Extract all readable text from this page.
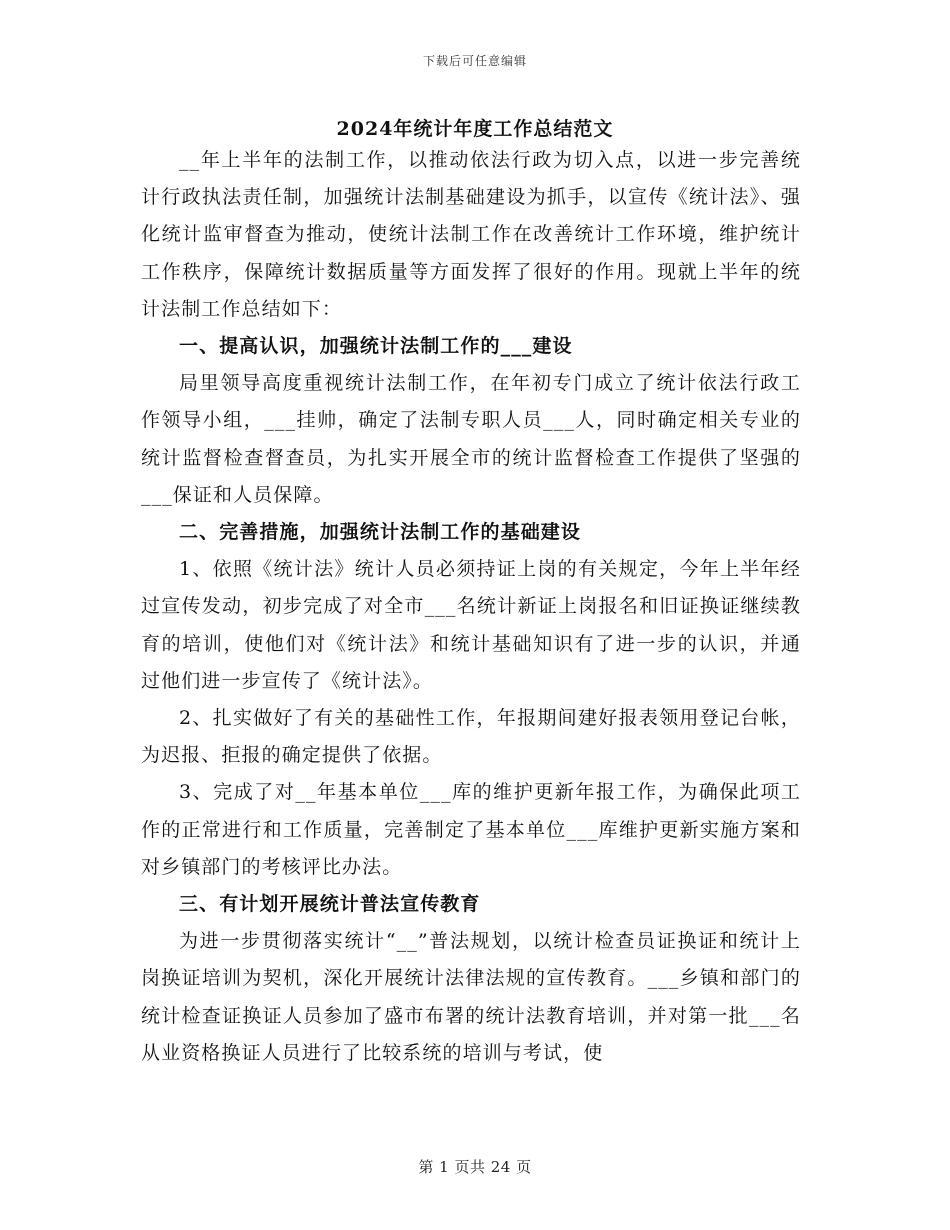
下载后可任意编辑
2024年统计年度工作总结范文

__年上半年的法制工作，以推动依法行政为切入点，以进一步完善统计行政执法责任制，加强统计法制基础建设为抓手，以宣传《统计法》、强化统计监审督查为推动，使统计法制工作在改善统计工作环境，维护统计工作秩序，保障统计数据质量等方面发挥了很好的作用。现就上半年的统计法制工作总结如下：

一、提高认识，加强统计法制工作的___建设

局里领导高度重视统计法制工作，在年初专门成立了统计依法行政工作领导小组，___挂帅，确定了法制专职人员___人，同时确定相关专业的统计监督检查督查员，为扎实开展全市的统计监督检查工作提供了坚强的___保证和人员保障。

二、完善措施，加强统计法制工作的基础建设

1、依照《统计法》统计人员必须持证上岗的有关规定，今年上半年经过宣传发动，初步完成了对全市___名统计新证上岗报名和旧证换证继续教育的培训，使他们对《统计法》和统计基础知识有了进一步的认识，并通过他们进一步宣传了《统计法》。

2、扎实做好了有关的基础性工作，年报期间建好报表领用登记台帐，为迟报、拒报的确定提供了依据。

3、完成了对__年基本单位___库的维护更新年报工作，为确保此项工作的正常进行和工作质量，完善制定了基本单位___库维护更新实施方案和对乡镇部门的考核评比办法。

三、有计划开展统计普法宣传教育

为进一步贯彻落实统计“__”普法规划，以统计检查员证换证和统计上岗换证培训为契机，深化开展统计法律法规的宣传教育。___乡镇和部门的统计检查证换证人员参加了盛市布署的统计法教育培训，并对第一批___名从业资格换证人员进行了比较系统的培训与考试，使

第 1 页共 24 页
